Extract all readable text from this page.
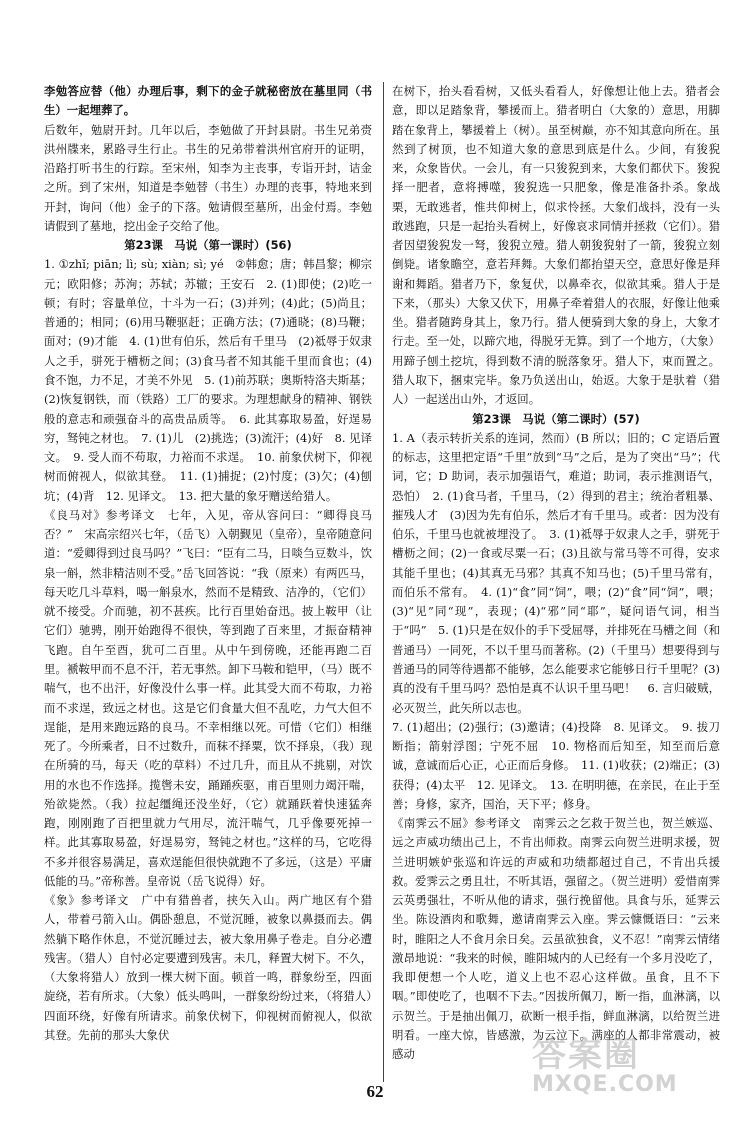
李勉答应替（他）办理后事，剩下的金子就秘密放在墓里同（书生）一起埋葬了。

后数年，勉尉开封。几年以后，李勉做了开封县尉。书生兄弟赍洪州牒来，累路寻生行止。书生的兄弟带着洪州官府开的证明，沿路打听书生的行踪。至宋州，知李为主丧事，专诣开封，诘金之所。到了宋州，知道是李勉替（书生）办理的丧事，特地来到开封，询问（他）金子的下落。勉请假至墓所，出金付焉。李勉请假到了墓地，挖出金子交给了他。

第23课　马说（第一课时）(56)

1. ①zhǐ; piān; lì; sù; xiàn; sì; yé　②韩愈；唐；韩昌黎；柳宗元；欧阳修；苏洵；苏轼；苏辙；王安石　2. (1)即使；(2)吃一顿；有时；容量单位，十斗为一石；(3)并列；(4)此；(5)尚且；普通的；相同；(6)用马鞭驱赶；正确方法；(7)通晓；(8)马鞭；面对；(9)才能　4. (1)世有伯乐，然后有千里马　(2)祗辱于奴隶人之手，骈死于槽枥之间；(3)食马者不知其能千里而食也；(4)食不饱，力不足，才美不外见　5. (1)前苏联；奥斯特洛夫斯基；(2)恢复钢铁，而（铁路）工厂的要求。为理想献身的精神、钢铁般的意志和顽强奋斗的高贵品质等。　6. 此其寡取易盈，好逞易穷，驽钝之材也。　7. (1)儿　(2)挑选；(3)流汗；(4)好　8. 见译文。　9. 受人而不苟取，力裕而不求逞。　10. 前象伏树下，仰视树而俯视人，似欲其登。　11. (1)捕捉；(2)忖度；(3)欠；(4)刨坑；(4)背　12. 见译文。　13. 把大量的象牙赠送给猎人。

《良马对》参考译文　七年，入见，帝从容问曰：“卿得良马否？”　宋高宗绍兴七年，（岳飞）入朝觐见（皇帝），皇帝随意问道：“爱卿得到过良马吗？”飞曰：“臣有二马，日啖刍豆数斗，饮泉一斛，然非精洁则不受。”岳飞回答说：“我（原来）有两匹马，每天吃几斗草料，喝一斛泉水，然而不是精致、洁净的，（它们）就不接受。介而驰，初不甚疾。比行百里始奋迅。披上鞍甲（让它们）驰骋，刚开始跑得不很快，等到跑了百来里，才振奋精神飞跑。自午至酉，犹可二百里。从中午到傍晚，还能再跑二百里。褫鞍甲而不息不汗，若无事然。卸下马鞍和铠甲，（马）既不喘气，也不出汗，好像没什么事一样。此其受大而不苟取，力裕而不求逞，致远之材也。这是它们食量大但不乱吃，力气大但不逞能，是用来跑远路的良马。不幸相继以死。可惜（它们）相继死了。今所乘者，日不过数升，而秣不择粟，饮不择泉，（我）现在所骑的马，每天（吃的草料）不过几升，而且从不挑剔，对饮用的水也不作选择。揽辔未安，踊踊疾驱，甫百里则力竭汗喘，殆欲毙然。（我）拉起缰绳还没坐好，（它）就踊跃着快速猛奔跑，刚刚跑了百把里就力气用尽，流汗喘气，几乎像要死掉一样。此其寡取易盈，好逞易穷，驽钝之材也。”这样的马，它吃得不多并很容易满足，喜欢逞能但很快就跑不了多远，（这是）平庸低能的马。”帝称善。皇帝说（岳飞说得）好。

《象》参考译文　广中有猎兽者，挟矢入山。两广地区有个猎人，带着弓箭入山。偶卧憩息，不觉沉睡，被象以鼻摄而去。偶然躺下略作休息，不觉沉睡过去，被大象用鼻子卷走。自分必遭残害。（猎人）自忖必定要遭到残害。未几，释置大树下。不久，（大象将猎人）放到一棵大树下面。顿首一鸣，群象纷至，四面旋绕，若有所求。（大象）低头鸣叫，一群象纷纷过来，（将猎人）四面环绕，好像有所请求。前象伏树下，仰视树而俯视人，似欲其登。先前的那头大象伏

在树下，抬头看看树，又低头看看人，好像想让他上去。猎者会意，即以足踏象背，攀援而上。猎者明白（大象的）意思，用脚踏在象背上，攀援着上（树）。虽至树巅，亦不知其意向所在。虽然到了树顶，也不知道大象的意思到底是什么。少间，有狻猊来，众象皆伏。一会儿，有一只狻猊到来，大象们都伏下。狻猊择一肥者，意将搏噬，狻猊选一只肥象，像是准备扑杀。象战栗，无敢逃者，惟共仰树上，似求怜拯。大象们战抖，没有一头敢逃跑，只是一起抬头看树上，好像哀求同情并拯救（它们）。猎者因望狻猊发一弩，狻猊立殪。猎人朝狻猊射了一箭，狻猊立刻倒毙。诸象瞻空，意若拜舞。大象们都抬望天空，意思好像是拜谢和舞蹈。猎者乃下，象复伏，以鼻牵衣，似欲其乘。猎人于是下来，（那头）大象又伏下，用鼻子牵着猎人的衣服，好像让他乘坐。猎者随跨身其上，象乃行。猎人便骑到大象的身上，大象才行走。至一处，以蹄穴地，得脱牙无算。到了一个地方，（大象）用蹄子刨土挖坑，得到数不清的脱落象牙。猎人下，束而置之。猎人取下，捆束完毕。象乃负送出山，始返。大象于是驮着（猎人）一起送出山外，才返回。

第23课　马说（第二课时）(57)

1. A（表示转折关系的连词，然而）(B 所以；旧的；C 定语后置的标志，这里把定语“千里”放到“马”之后，是为了突出“马”；代词，它；D 助词，表示加强语气，难道；助词，表示推测语气，恐怕）　2. (1)食马者，千里马，（2）得到的君主；统治者粗暴、摧残人才　(3)因为先有伯乐，然后才有千里马。或者：因为没有伯乐，千里马也就被埋没了。　3. (1)祗辱于奴隶人之手，骈死于槽枥之间；(2)一食或尽粟一石；(3)且欲与常马等不可得，安求其能千里也；(4)其真无马邪？其真不知马也；(5)千里马常有，而伯乐不常有。　4. (1)“食”同“饲”，喂；(2)“食”同“饲”，喂；(3)“见”同“现”，表现；(4)“邪”同“耶”，疑问语气词，相当于“吗”　5. (1)只是在奴仆的手下受屈辱，并排死在马槽之间（和普通马）一同死，不以千里马而著称。(2)（千里马）想要得到与普通马的同等待遇都不能够，怎么能要求它能够日行千里呢？(3)真的没有千里马吗？恐怕是真不认识千里马吧！　6. 言归破贼，必灭贺兰，此矢所以志也。

7. (1)超出；(2)强行；(3)邀请；(4)投降　8. 见译文。　9. 拔刀断指；箭射浮图；宁死不屈　10. 物格而后知至，知至而后意诚，意诚而后心正，心正而后身修。　11. (1)收获；(2)端正；(3)获得；(4)太平　12. 见译文。　13. 在明明德，在亲民，在止于至善；身修，家齐，国治，天下平；修身。

《南霁云不屈》参考译文　南霁云之乞救于贺兰也，贺兰嫉巡、远之声威功绩出己上，不肯出师救。南霁云向贺兰进明求援，贺兰进明嫉妒张巡和许远的声威和功绩都超过自己，不肯出兵援救。爱霁云之勇且壮，不听其语，强留之。（贺兰进明）爱惜南霁云英勇强壮，不听从他的请求，强行挽留他。具食与乐，延霁云坐。陈设酒肉和歌舞，邀请南霁云入座。霁云慷慨语曰：“云来时，睢阳之人不食月余日矣。云虽欲独食，义不忍！”南霁云情绪激昂地说：“我来的时候，睢阳城内的人已经有一个多月没吃了，我即便想一个人吃，道义上也不忍心这样做。虽食，且不下咽。”即使吃了，也咽不下去。”因拔所佩刀，断一指，血淋漓，以示贺兰。于是抽出佩刀，砍断一根手指，鲜血淋漓，以给贺兰进明看。一座大惊，皆感激，为云泣下。满座的人都非常震动，被感动

62
答案圈
MXQE.COM
